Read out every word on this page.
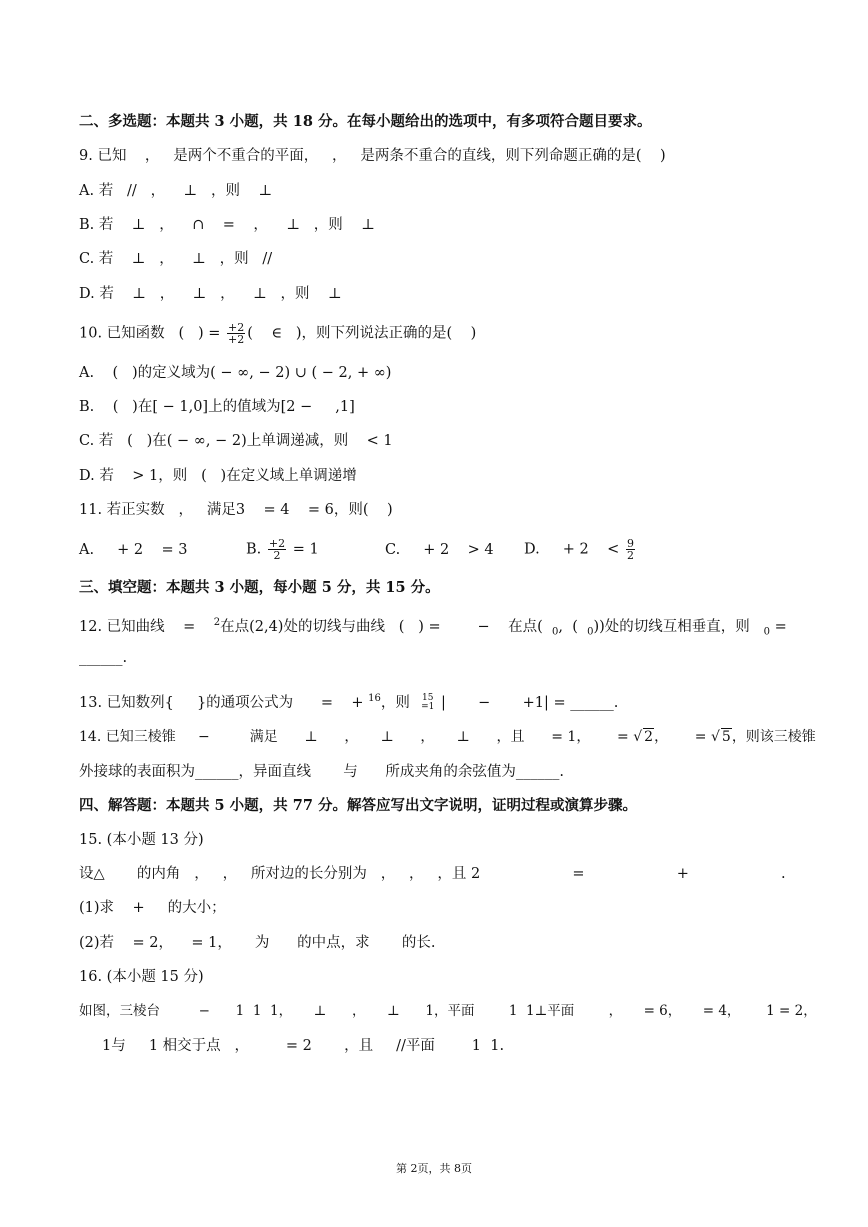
二、多选题：本题共 3 小题，共 18 分。在每小题给出的选项中，有多项符合题目要求。
9. 已知    ，   是两个不重合的平面，   ，   是两条不重合的直线，则下列命题正确的是(    )
A. 若   //   ，    ⊥   ，则    ⊥
B. 若    ⊥   ，    ∩    =    ，    ⊥   ，则    ⊥
C. 若    ⊥   ，    ⊥   ，则   //
D. 若    ⊥   ，    ⊥   ，    ⊥   ，则    ⊥
10. 已知函数   (   ) = $\frac{+2}{+2}$ (    ∈   )，则下列说法正确的是(    )
A.    (   )的定义域为( − ∞, − 2) ∪ ( − 2, + ∞)
B.    (   )在[ − 1,0]上的值域为[2 −     ,1]
C. 若   (   )在( − ∞, − 2)上单调递减，则    < 1
D. 若    > 1，则   (   )在定义域上单调递增
11. 若正实数   ，   满足3    = 4    = 6，则(    )
A.     + 2    = 3	B. $\frac{+2}{2} = 1$	C.     + 2    > 4 D.     + 2    < $\frac{9}{2}$
三、填空题：本题共 3 小题，每小题 5 分，共 15 分。
12. 已知曲线    =    $^2$在点(2,4)处的切线与曲线   (   ) =        −    在点(  $_0$,  (  $_0$))处的切线互相垂直，则   $_0$ =
______.
13. 已知数列{     }的通项公式为      =    + $^{16}$，则 15
=1 |       −       +1| = ______.
14. 已知三棱锥     −         满足      ⊥      ，     ⊥      ，     ⊥      ，且      = 1，      = √ 2，      = √ 5，则该三棱锥
外接球的表面积为______，异面直线       与      所成夹角的余弦值为______.
四、解答题：本题共 5 小题，共 77 分。解答应写出文字说明，证明过程或演算步骤。
15. (本小题 13 分)
设△       的内角   ，   ，   所对边的长分别为   ，   ，   ，且 2                    =                    +                    .
(1)求    +     的大小；
(2)若    = 2，    = 1，     为      的中点，求       的长.
16. (本小题 15 分)
如图，三棱台         −      1  1  1，     ⊥      ，     ⊥      1，平面        1  1⊥平面        ，     = 6，     = 4，      1 = 2，
1与     1 相交于点   ，        = 2       ，且     //平面        1  1.
第 2页，共 8页
